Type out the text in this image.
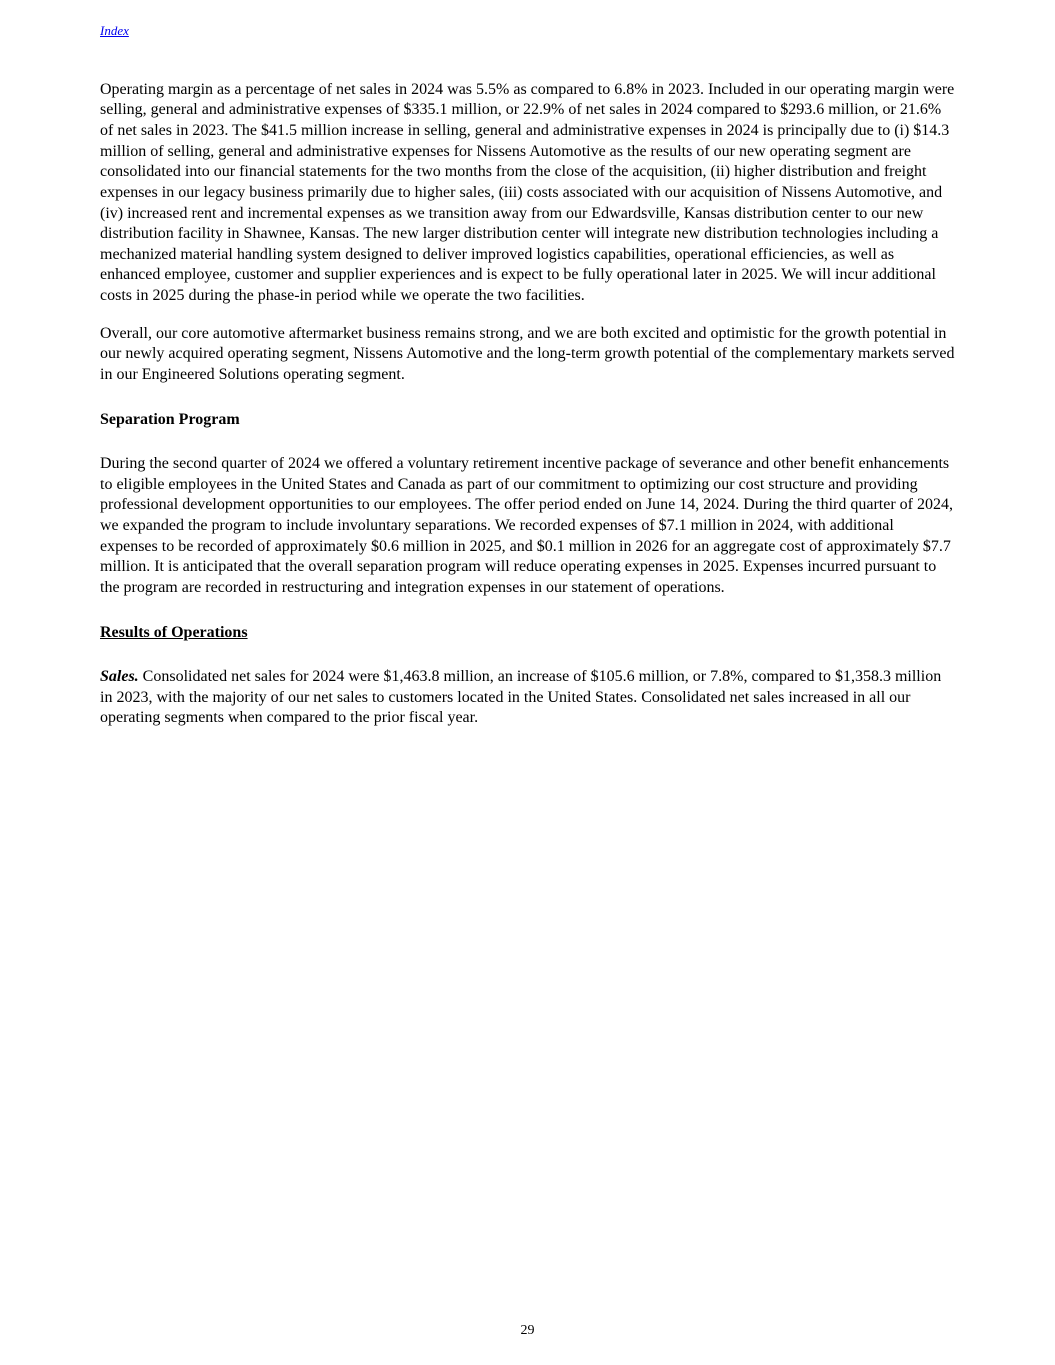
Index

Operating margin as a percentage of net sales in 2024 was 5.5% as compared to 6.8% in 2023. Included in our operating margin were selling, general and administrative expenses of $335.1 million, or 22.9% of net sales in 2024 compared to $293.6 million, or 21.6% of net sales in 2023. The $41.5 million increase in selling, general and administrative expenses in 2024 is principally due to (i) $14.3 million of selling, general and administrative expenses for Nissens Automotive as the results of our new operating segment are consolidated into our financial statements for the two months from the close of the acquisition, (ii) higher distribution and freight expenses in our legacy business primarily due to higher sales, (iii) costs associated with our acquisition of Nissens Automotive, and (iv) increased rent and incremental expenses as we transition away from our Edwardsville, Kansas distribution center to our new distribution facility in Shawnee, Kansas. The new larger distribution center will integrate new distribution technologies including a mechanized material handling system designed to deliver improved logistics capabilities, operational efficiencies, as well as enhanced employee, customer and supplier experiences and is expect to be fully operational later in 2025. We will incur additional costs in 2025 during the phase-in period while we operate the two facilities.

Overall, our core automotive aftermarket business remains strong, and we are both excited and optimistic for the growth potential in our newly acquired operating segment, Nissens Automotive and the long-term growth potential of the complementary markets served in our Engineered Solutions operating segment.

Separation Program

During the second quarter of 2024 we offered a voluntary retirement incentive package of severance and other benefit enhancements to eligible employees in the United States and Canada as part of our commitment to optimizing our cost structure and providing professional development opportunities to our employees. The offer period ended on June 14, 2024. During the third quarter of 2024, we expanded the program to include involuntary separations. We recorded expenses of $7.1 million in 2024, with additional expenses to be recorded of approximately $0.6 million in 2025, and $0.1 million in 2026 for an aggregate cost of approximately $7.7 million. It is anticipated that the overall separation program will reduce operating expenses in 2025. Expenses incurred pursuant to the program are recorded in restructuring and integration expenses in our statement of operations.

Results of Operations

Sales. Consolidated net sales for 2024 were $1,463.8 million, an increase of $105.6 million, or 7.8%, compared to $1,358.3 million in 2023, with the majority of our net sales to customers located in the United States. Consolidated net sales increased in all our operating segments when compared to the prior fiscal year.

29
